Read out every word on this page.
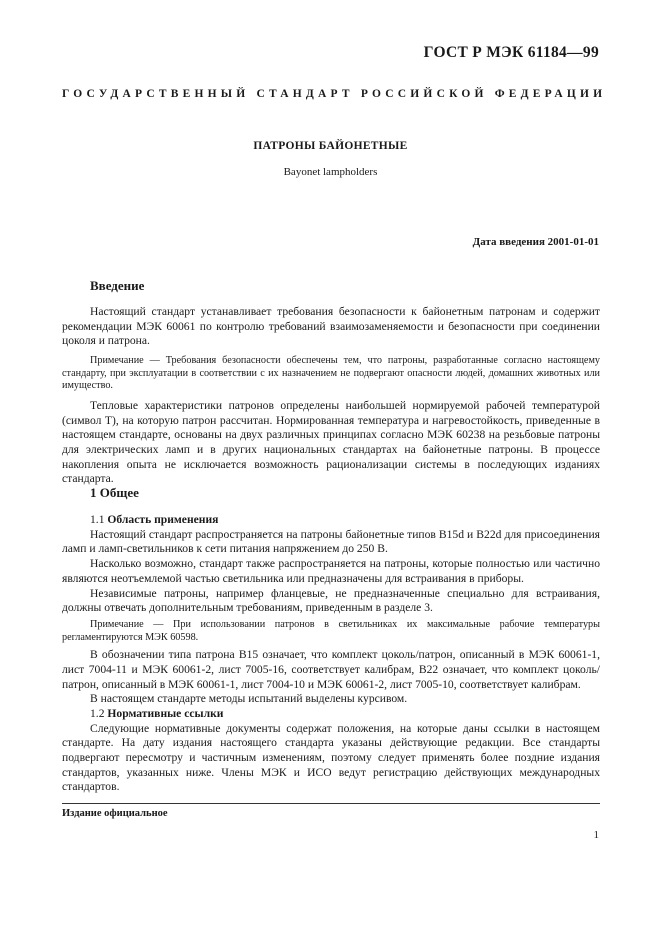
ГОСТ Р МЭК 61184—99
ГОСУДАРСТВЕННЫЙ СТАНДАРТ РОССИЙСКОЙ ФЕДЕРАЦИИ
ПАТРОНЫ БАЙОНЕТНЫЕ
Bayonet lampholders
Дата введения 2001-01-01
Введение

Настоящий стандарт устанавливает требования безопасности к байонетным патронам и содержит рекомендации МЭК 60061 по контролю требований взаимозаменяемости и безопасности при соединении цоколя и патрона.

Примечание — Требования безопасности обеспечены тем, что патроны, разработанные согласно настоящему стандарту, при эксплуатации в соответствии с их назначением не подвергают опасности людей, домашних животных или имущество.

Тепловые характеристики патронов определены наибольшей нормируемой рабочей температурой (символ Т), на которую патрон рассчитан. Нормированная температура и нагревостойкость, приведенные в настоящем стандарте, основаны на двух различных принципах согласно МЭК 60238 на резьбовые патроны для электрических ламп и в других национальных стандартах на байонетные патроны. В процессе накопления опыта не исключается возможность рационализации системы в последующих изданиях стандарта.

1 Общее

1.1 Область применения

Настоящий стандарт распространяется на патроны байонетные типов B15d и B22d для присоединения ламп и ламп-светильников к сети питания напряжением до 250 В.

Насколько возможно, стандарт также распространяется на патроны, которые полностью или частично являются неотъемлемой частью светильника или предназначены для встраивания в приборы.

Независимые патроны, например фланцевые, не предназначенные специально для встраивания, должны отвечать дополнительным требованиям, приведенным в разделе 3.

Примечание — При использовании патронов в светильниках их максимальные рабочие температуры регламентируются МЭК 60598.

В обозначении типа патрона B15 означает, что комплект цоколь/патрон, описанный в МЭК 60061-1, лист 7004-11 и МЭК 60061-2, лист 7005-16, соответствует калибрам, B22 означает, что комплект цоколь/патрон, описанный в МЭК 60061-1, лист 7004-10 и МЭК 60061-2, лист 7005-10, соответствует калибрам.

В настоящем стандарте методы испытаний выделены курсивом.

1.2 Нормативные ссылки

Следующие нормативные документы содержат положения, на которые даны ссылки в настоящем стандарте. На дату издания настоящего стандарта указаны действующие редакции. Все стандарты подвергают пересмотру и частичным изменениям, поэтому следует применять более поздние издания стандартов, указанных ниже. Члены МЭК и ИСО ведут регистрацию действующих международных стандартов.

Издание официальное
1
